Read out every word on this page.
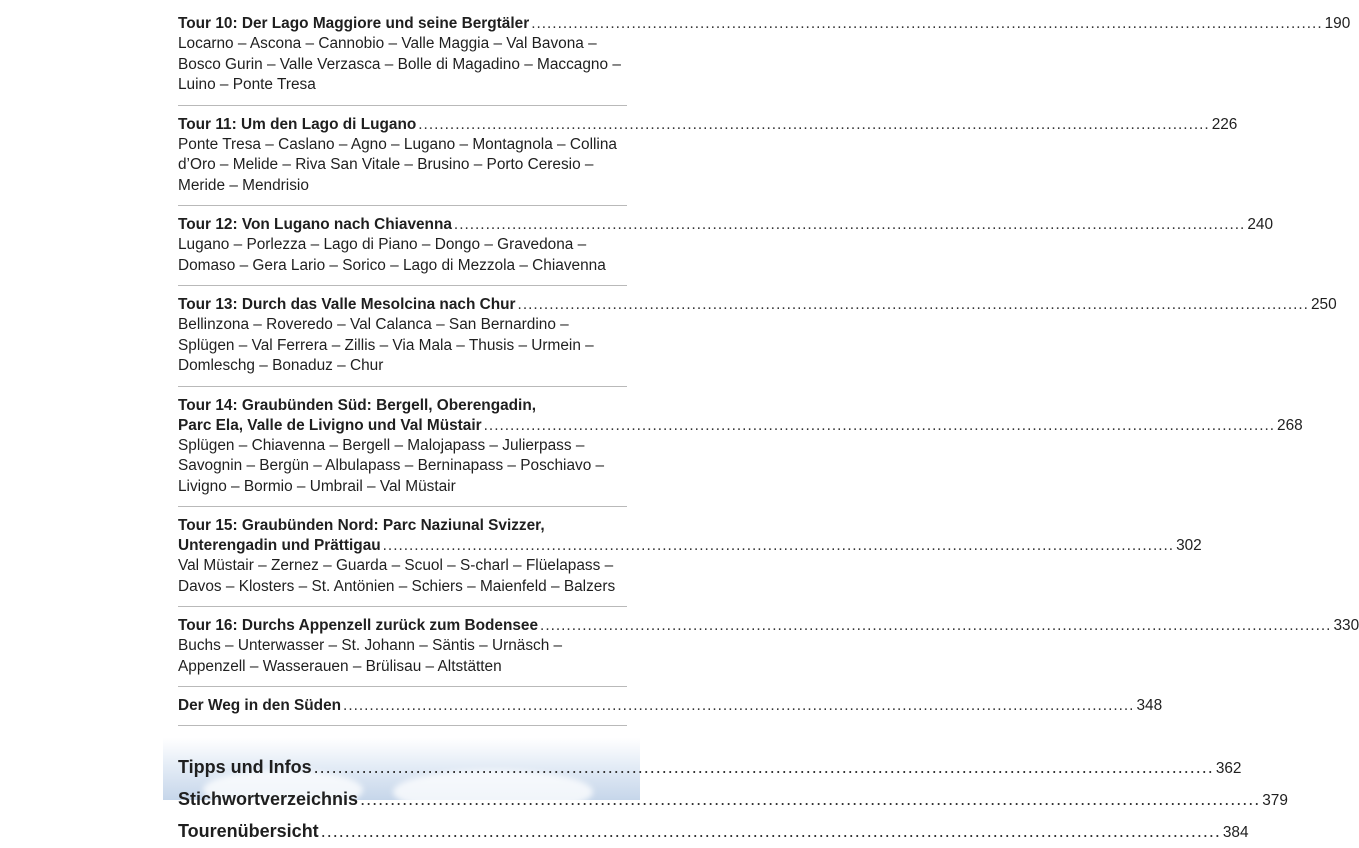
Tour 10: Der Lago Maggiore und seine Bergtäler .....	190
Locarno – Ascona – Cannobio – Valle Maggia – Val Bavona – Bosco Gurin – Valle Verzasca – Bolle di Magadino – Maccagno – Luino – Ponte Tresa
Tour 11: Um den Lago di Lugano .....	226
Ponte Tresa – Caslano – Agno – Lugano – Montagnola – Collina d’Oro – Melide – Riva San Vitale – Brusino – Porto Ceresio – Meride – Mendrisio
Tour 12: Von Lugano nach Chiavenna .....	240
Lugano – Porlezza – Lago di Piano – Dongo – Gravedona – Domaso – Gera Lario – Sorico – Lago di Mezzola – Chiavenna
Tour 13: Durch das Valle Mesolcina nach Chur .....	250
Bellinzona – Roveredo – Val Calanca – San Bernardino – Splügen – Val Ferrera – Zillis – Via Mala – Thusis – Urmein – Domleschg – Bonaduz – Chur
Tour 14: Graubünden Süd: Bergell, Oberengadin,
Parc Ela, Valle de Livigno und Val Müstair .....	268
Splügen – Chiavenna – Bergell – Malojapass – Julierpass – Savognin – Bergün – Albulapass – Berninapass – Poschiavo – Livigno – Bormio – Umbrail – Val Müstair
Tour 15: Graubünden Nord: Parc Naziunal Svizzer,
Unterengadin und Prättigau .....	302
Val Müstair – Zernez – Guarda – Scuol – S-charl – Flüelapass – Davos – Klosters – St. Antönien – Schiers – Maienfeld – Balzers
Tour 16: Durchs Appenzell zurück zum Bodensee .....	330
Buchs – Unterwasser – St. Johann – Säntis – Urnäsch – Appenzell – Wasserauen – Brülisau – Altstätten
Der Weg in den Süden .....	348
Tipps und Infos .....	362
Stichwortverzeichnis .....	379
Tourenübersicht .....	384
